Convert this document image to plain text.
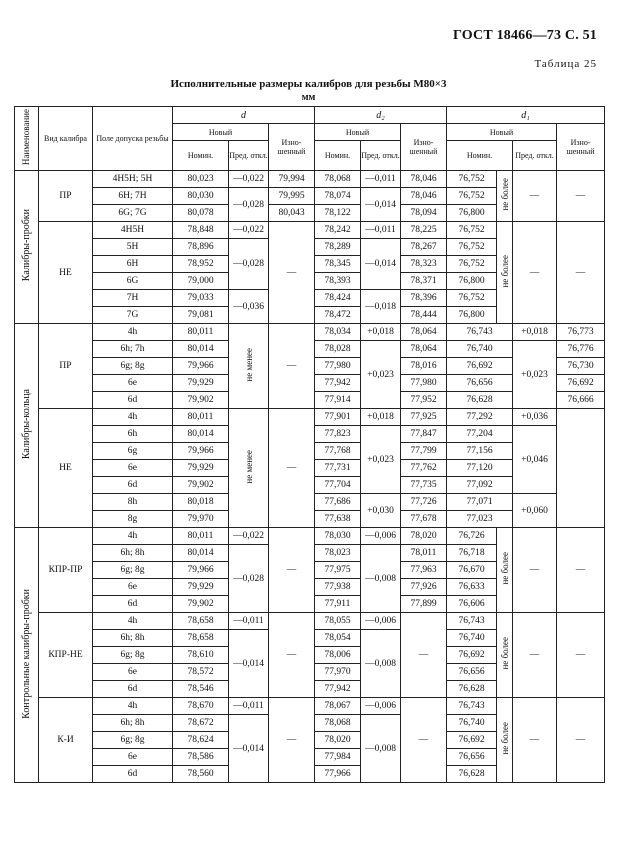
ГОСТ 18466—73 С. 51
Таблица 25
Исполнительные размеры калибров для резьбы М80×3
мм
Наименование	Вид калибра	Поле допуска резьбы	d			d₂			d₁			
			Новый		Изно-шенный	Новый		Изно-шенный	Новый			Изно-шенный
			Номин.	Пред. откл.		Номин.	Пред. откл.		Номин.		Пред. откл.	
Калибры-пробки	ПР	4H5H; 5H	80,023	—0,022	79,994	78,068	—0,011	78,046	76,752	не более	—	—
		6H; 7H	80,030	—0,028	79,995	78,074	—0,014	78,046	76,752			
		6G; 7G	80,078		80,043	78,122		78,094	76,800			
	НЕ	4H5H	78,848	—0,022	—	78,242	—0,011	78,225	76,752	не более	—	—
		5H	78,896	—0,028		78,289	—0,014	78,267	76,752			
		6H	78,952			78,345		78,323	76,752			
		6G	79,000			78,393		78,371	76,800			
		7H	79,033	—0,036		78,424	—0,018	78,396	76,752			
		7G	79,081			78,472		78,444	76,800			
Калибры-кольца	ПР	4h	80,011	не менее	—	78,034	+0,018	78,064	76,743		+0,018	76,773
		6h; 7h	80,014			78,028	+0,023	78,064	76,740		+0,023	76,776
		6g; 8g	79,966			77,980		78,016	76,692			76,730
		6e	79,929			77,942		77,980	76,656			76,692
		6d	79,902			77,914		77,952	76,628			76,666
	НЕ	4h	80,011	не менее	—	77,901	+0,018	77,925	77,292		+0,036	
		6h	80,014			77,823	+0,023	77,847	77,204		+0,046	
		6g	79,966			77,768		77,799	77,156			
		6e	79,929			77,731		77,762	77,120			
		6d	79,902			77,704		77,735	77,092			
		8h	80,018			77,686	+0,030	77,726	77,071		+0,060	
		8g	79,970			77,638		77,678	77,023			
Контрольные калибры-пробки	КПР-ПР	4h	80,011	—0,022	—	78,030	—0,006	78,020	76,726	не более	—	—
		6h; 8h	80,014	—0,028		78,023	—0,008	78,011	76,718			
		6g; 8g	79,966			77,975		77,963	76,670			
		6e	79,929			77,938		77,926	76,633			
		6d	79,902			77,911		77,899	76,606			
	КПР-НЕ	4h	78,658	—0,011	—	78,055	—0,006	—	76,743	не более	—	—
		6h; 8h	78,658	—0,014		78,054	—0,008		76,740			
		6g; 8g	78,610			78,006			76,692			
		6e	78,572			77,970			76,656			
		6d	78,546			77,942			76,628			
	К-И	4h	78,670	—0,011	—	78,067	—0,006	—	76,743	не более	—	—
		6h; 8h	78,672	—0,014		78,068	—0,008		76,740			
		6g; 8g	78,624			78,020			76,692			
		6e	78,586			77,984			76,656			
		6d	78,560			77,966			76,628			
